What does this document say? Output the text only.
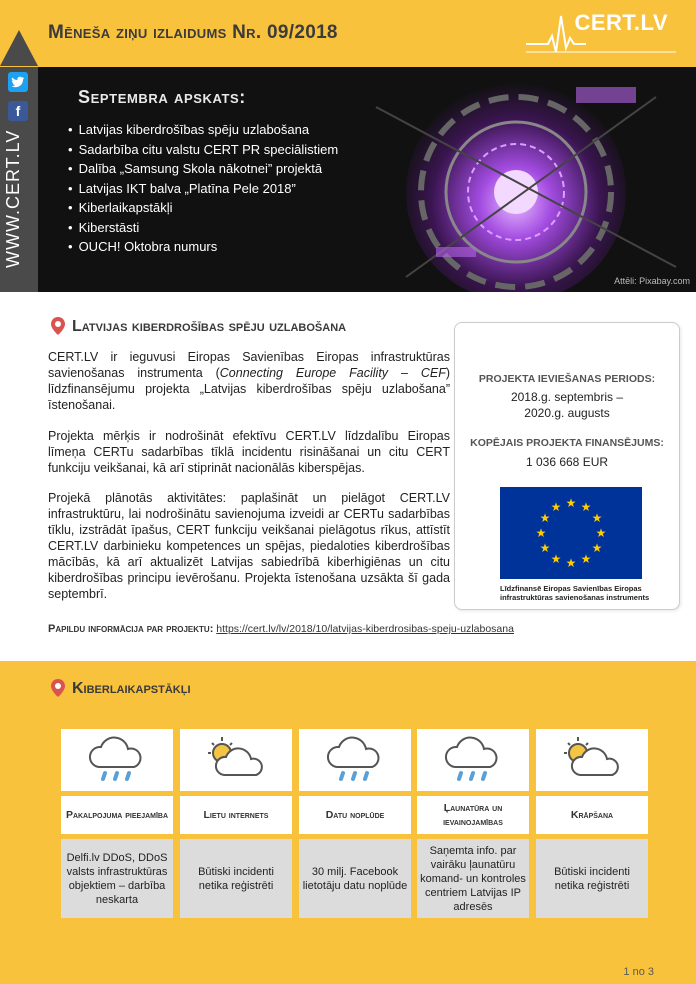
Mēneša ziņu izlaidums Nr. 09/2018	CERT.LV
f
WWW.CERT.LV
Septembra apskats:
• Latvijas kiberdrošības spēju uzlabošana
• Sadarbība citu valstu CERT PR speciālistiem
• Dalība „Samsung Skola nākotnei” projektā
• Latvijas IKT balva „Platīna Pele 2018”
• Kiberlaikapstākļi
• Kiberstāsti
• OUCH! Oktobra numurs
Attēli: Pixabay.com
Latvijas kiberdrošības spēju uzlabošana
CERT.LV ir ieguvusi Eiropas Savienības Eiropas infrastruktūras savienošanas instrumenta (Connecting Europe Facility – CEF) līdzfinansējumu projekta „Latvijas kiberdrošības spēju uzlabošana” īstenošanai.
Projekta mērķis ir nodrošināt efektīvu CERT.LV līdzdalību Eiropas līmeņa CERTu sadarbības tīklā incidentu risināšanai un citu CERT funkciju veikšanai, kā arī stiprināt nacionālās kiberspējas.
Projekā plānotās aktivitātes: paplašināt un pielāgot CERT.LV infrastruktūru, lai nodrošinātu savienojuma izveidi ar CERTu sadarbības tīklu, izstrādāt īpašus, CERT funkciju veikšanai pielāgotus rīkus, attīstīt CERT.LV darbinieku kompetences un spējas, piedaloties kiberdrošības mācībās, kā arī aktualizēt Latvijas sabiedrībā kiberhigiēnas un citu kiberdrošības principu ievērošanu. Projekta īstenošana uzsākta šī gada septembrī.
Papildu informācija par projektu: https://cert.lv/lv/2018/10/latvijas-kiberdrosibas-speju-uzlabosana
PROJEKTA IEVIEŠANAS PERIODS:
2018.g. septembris –
2020.g. augusts
KOPĒJAIS PROJEKTA FINANSĒJUMS:
1 036 668 EUR
★ ★
★
★
★
★
★
★
★
★
★
★
Līdzfinansē Eiropas Savienības Eiropas
infrastruktūras savienošanas instruments
Kiberlaikapstākļi
Pakalpojuma pieejamība
Delfi.lv DDoS, DDoS valsts infrastruktūras objektiem – darbība neskarta
Lietu internets
Būtiski incidenti netika reģistrēti
Datu noplūde
30 milj. Facebook lietotāju datu noplūde
Ļaunatūra un ievainojamības
Saņemta info. par vairāku ļaunatūru komand- un kontroles centriem Latvijas IP adresēs
Krāpšana
Būtiski incidenti netika reģistrēti
1 no 3
